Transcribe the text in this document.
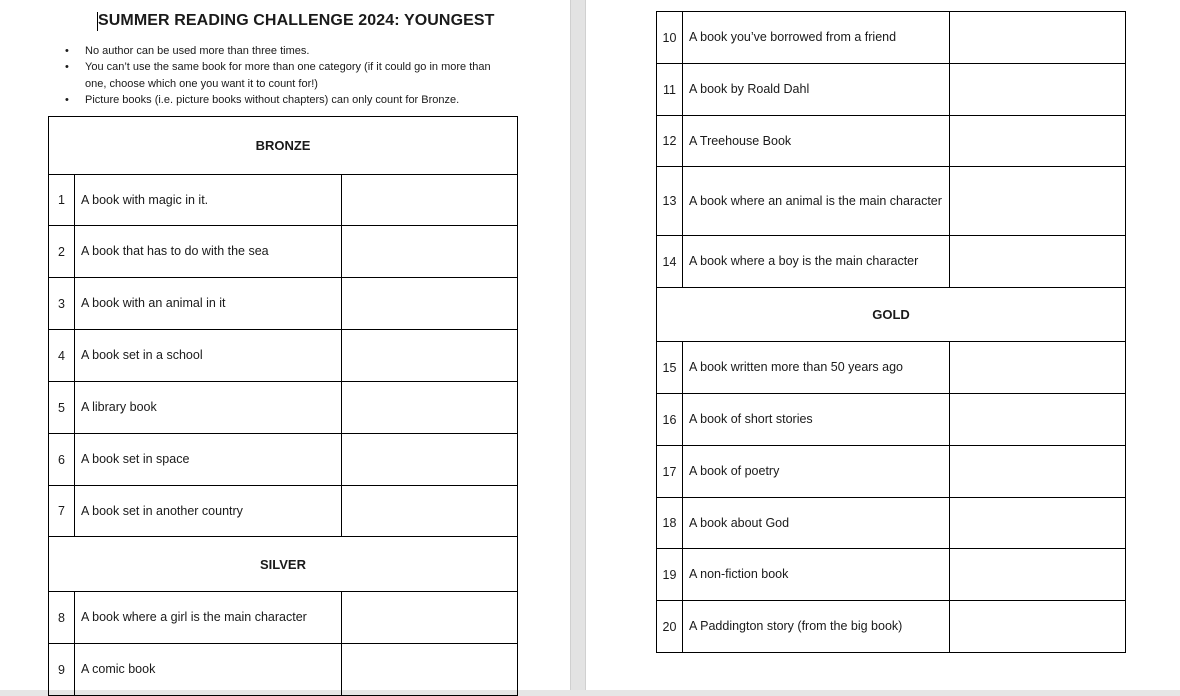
SUMMER READING CHALLENGE 2024: YOUNGEST
• No author can be used more than three times.
• You can’t use the same book for more than one category (if it could go in more than one, choose which one you want it to count for!)
• Picture books (i.e. picture books without chapters) can only count for Bronze.
BRONZE		
1	A book with magic in it.	
2	A book that has to do with the sea	
3	A book with an animal in it	
4	A book set in a school	
5	A library book	
6	A book set in space	
7	A book set in another country	
SILVER		
8	A book where a girl is the main character	
9	A comic book	
10	A book you’ve borrowed from a friend	
11	A book by Roald Dahl	
12	A Treehouse Book	
13	A book where an animal is the main character	
14	A book where a boy is the main character	
GOLD		
15	A book written more than 50 years ago	
16	A book of short stories	
17	A book of poetry	
18	A book about God	
19	A non-fiction book	
20	A Paddington story (from the big book)	
